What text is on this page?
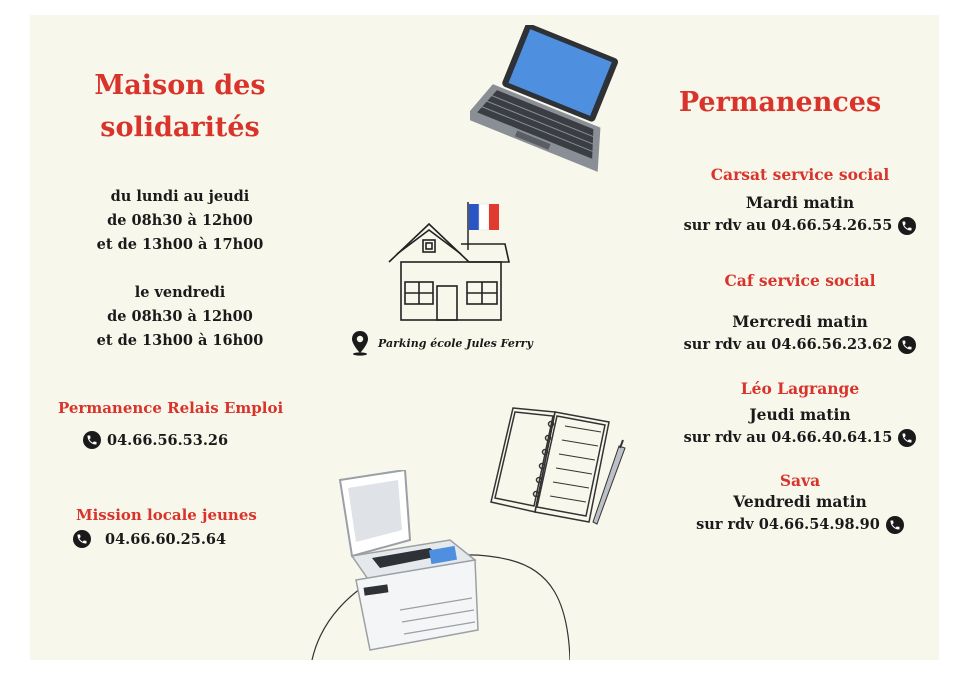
Maison des
solidarités
du lundi au jeudi
de 08h30 à 12h00
et de 13h00 à 17h00
le vendredi
de 08h30 à 12h00
et de 13h00 à 16h00
Permanence Relais Emploi
04.66.56.53.26
Mission locale jeunes
04.66.60.25.64
Parking école Jules Ferry
Permanences
Carsat service social
Mardi matin
sur rdv au 04.66.54.26.55
Caf service social
Mercredi matin
sur rdv au 04.66.56.23.62
Léo Lagrange
Jeudi matin
sur rdv au 04.66.40.64.15
Sava
Vendredi matin
sur rdv 04.66.54.98.90
